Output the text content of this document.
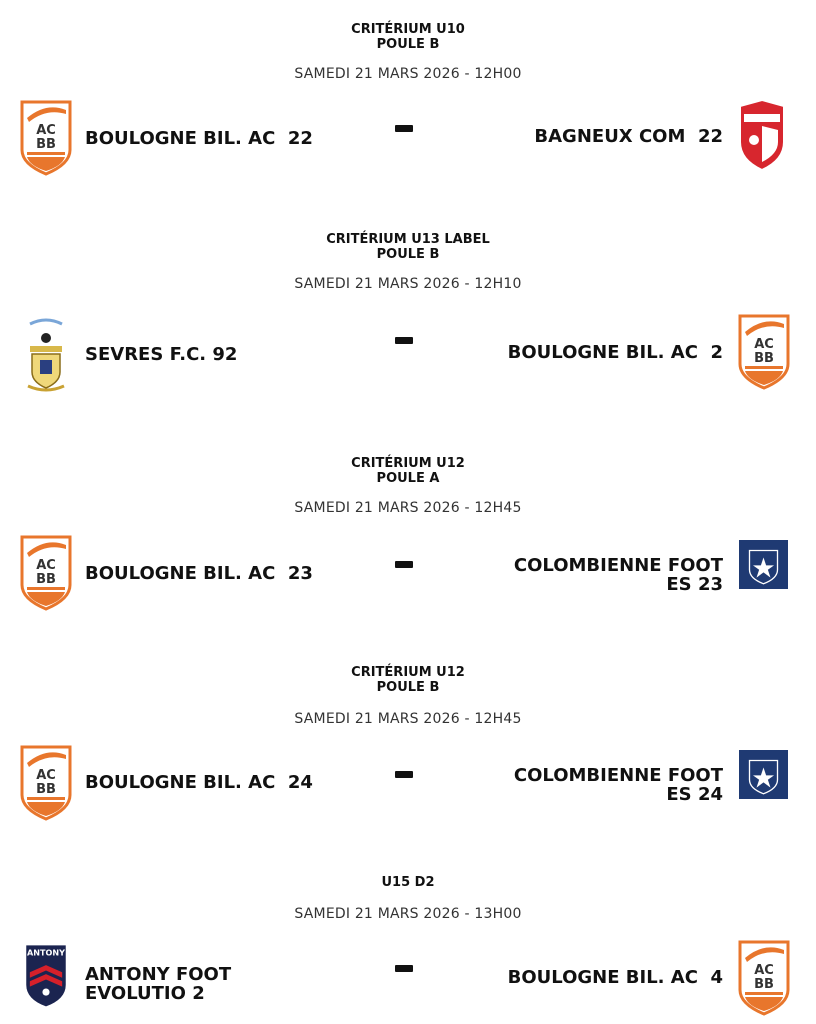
CRITÉRIUM U10
POULE B
SAMEDI 21 MARS 2026 - 12H00
BOULOGNE BIL. AC 22	BAGNEUX COM 22
CRITÉRIUM U13 LABEL
POULE B
SAMEDI 21 MARS 2026 - 12H10
SEVRES F.C. 92	BOULOGNE BIL. AC 2
CRITÉRIUM U12
POULE A
SAMEDI 21 MARS 2026 - 12H45
BOULOGNE BIL. AC 23	COLOMBIENNE FOOT
ES 23
CRITÉRIUM U12
POULE B
SAMEDI 21 MARS 2026 - 12H45
BOULOGNE BIL. AC 24	COLOMBIENNE FOOT
ES 24
U15 D2
SAMEDI 21 MARS 2026 - 13H00
ANTONY FOOT
EVOLUTIO 2
BOULOGNE BIL. AC 4
